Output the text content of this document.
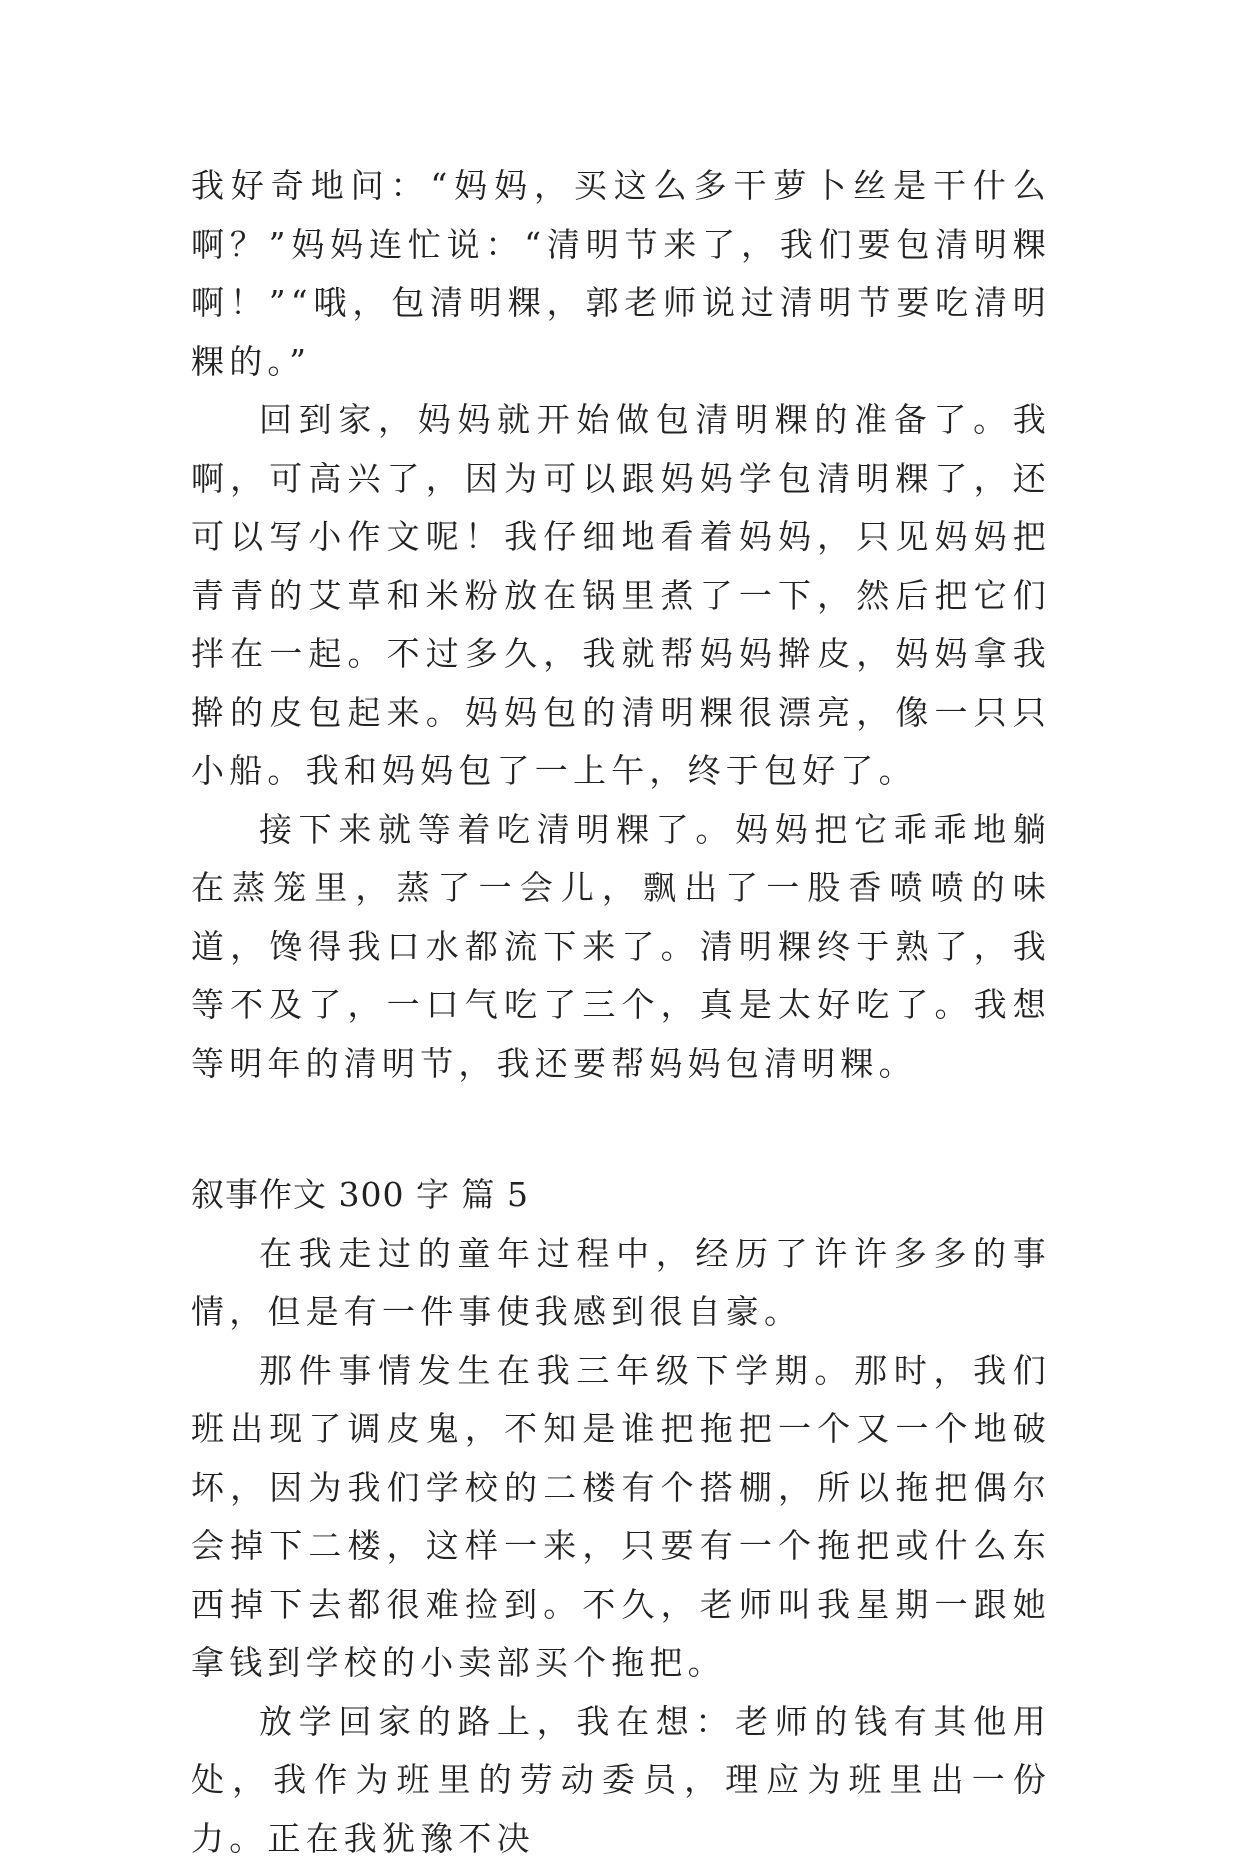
我好奇地问：“妈妈，买这么多干萝卜丝是干什么啊？”妈妈连忙说：“清明节来了，我们要包清明粿啊！”“哦，包清明粿，郭老师说过清明节要吃清明粿的。”

回到家，妈妈就开始做包清明粿的准备了。我啊，可高兴了，因为可以跟妈妈学包清明粿了，还可以写小作文呢！我仔细地看着妈妈，只见妈妈把青青的艾草和米粉放在锅里煮了一下，然后把它们拌在一起。不过多久，我就帮妈妈擀皮，妈妈拿我擀的皮包起来。妈妈包的清明粿很漂亮，像一只只小船。我和妈妈包了一上午，终于包好了。

接下来就等着吃清明粿了。妈妈把它乖乖地躺在蒸笼里，蒸了一会儿，飘出了一股香喷喷的味道，馋得我口水都流下来了。清明粿终于熟了，我等不及了，一口气吃了三个，真是太好吃了。我想等明年的清明节，我还要帮妈妈包清明粿。

叙事作文 300 字 篇 5

在我走过的童年过程中，经历了许许多多的事情，但是有一件事使我感到很自豪。

那件事情发生在我三年级下学期。那时，我们班出现了调皮鬼，不知是谁把拖把一个又一个地破坏，因为我们学校的二楼有个搭棚，所以拖把偶尔会掉下二楼，这样一来，只要有一个拖把或什么东西掉下去都很难捡到。不久，老师叫我星期一跟她拿钱到学校的小卖部买个拖把。

放学回家的路上，我在想：老师的钱有其他用处，我作为班里的劳动委员，理应为班里出一份力。正在我犹豫不决
